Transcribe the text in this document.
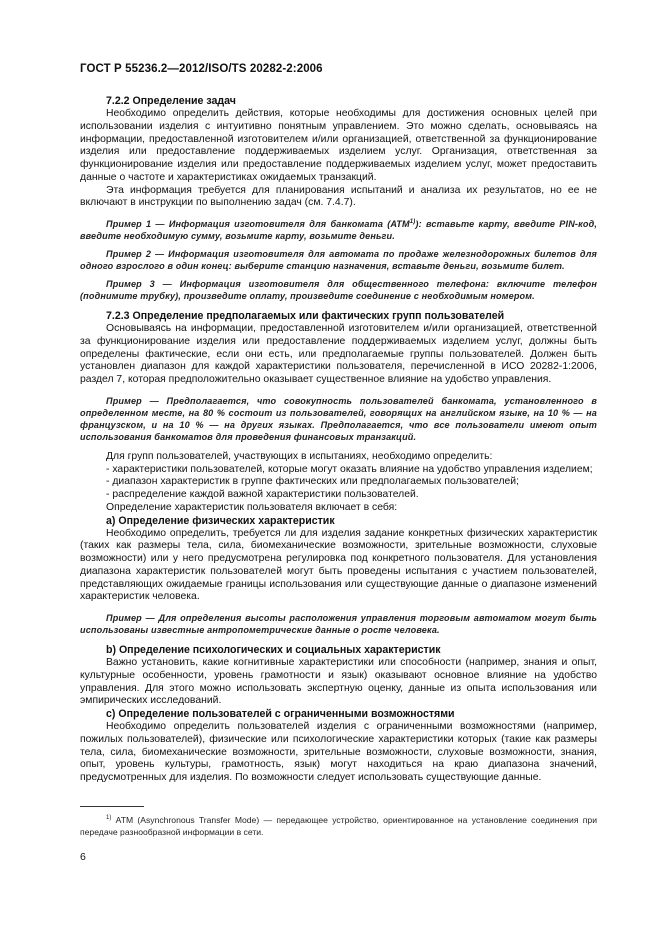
ГОСТ Р 55236.2—2012/ISO/TS 20282-2:2006

7.2.2 Определение задач

Необходимо определить действия, которые необходимы для достижения основных целей при использовании изделия с интуитивно понятным управлением. Это можно сделать, основываясь на информации, предоставленной изготовителем и/или организацией, ответственной за функционирование изделия или предоставление поддерживаемых изделием услуг. Организация, ответственная за функционирование изделия или предоставление поддерживаемых изделием услуг, может предоставить данные о частоте и характеристиках ожидаемых транзакций.

Эта информация требуется для планирования испытаний и анализа их результатов, но ее не включают в инструкции по выполнению задач (см. 7.4.7).

Пример 1 — Информация изготовителя для банкомата (АТМ$^{1)}$): вставьте карту, введите PIN-код, введите необходимую сумму, возьмите карту, возьмите деньги.

Пример 2 — Информация изготовителя для автомата по продаже железнодорожных билетов для одного взрослого в один конец: выберите станцию назначения, вставьте деньги, возьмите билет.

Пример 3 — Информация изготовителя для общественного телефона: включите телефон (поднимите трубку), произведите оплату, произведите соединение с необходимым номером.

7.2.3 Определение предполагаемых или фактических групп пользователей

Основываясь на информации, предоставленной изготовителем и/или организацией, ответственной за функционирование изделия или предоставление поддерживаемых изделием услуг, должны быть определены фактические, если они есть, или предполагаемые группы пользователей. Должен быть установлен диапазон для каждой характеристики пользователя, перечисленной в ИСО 20282-1:2006, раздел 7, которая предположительно оказывает существенное влияние на удобство управления.

Пример — Предполагается, что совокупность пользователей банкомата, установленного в определенном месте, на 80 % состоит из пользователей, говорящих на английском языке, на 10 % — на французском, и на 10 % — на других языках. Предполагается, что все пользователи имеют опыт использования банкоматов для проведения финансовых транзакций.

Для групп пользователей, участвующих в испытаниях, необходимо определить:

- характеристики пользователей, которые могут оказать влияние на удобство управления изделием;

- диапазон характеристик в группе фактических или предполагаемых пользователей;

- распределение каждой важной характеристики пользователей.

Определение характеристик пользователя включает в себя:

а) Определение физических характеристик

Необходимо определить, требуется ли для изделия задание конкретных физических характеристик (таких как размеры тела, сила, биомеханические возможности, зрительные возможности, слуховые возможности) или у него предусмотрена регулировка под конкретного пользователя. Для установления диапазона характеристик пользователей могут быть проведены испытания с участием пользователей, представляющих ожидаемые границы использования или существующие данные о диапазоне изменений характеристик человека.

Пример — Для определения высоты расположения управления торговым автоматом могут быть использованы известные антропометрические данные о росте человека.

b) Определение психологических и социальных характеристик

Важно установить, какие когнитивные характеристики или способности (например, знания и опыт, культурные особенности, уровень грамотности и язык) оказывают основное влияние на удобство управления. Для этого можно использовать экспертную оценку, данные из опыта использования или эмпирических исследований.

с) Определение пользователей с ограниченными возможностями

Необходимо определить пользователей изделия с ограниченными возможностями (например, пожилых пользователей), физические или психологические характеристики которых (такие как размеры тела, сила, биомеханические возможности, зрительные возможности, слуховые возможности, знания, опыт, уровень культуры, грамотность, язык) могут находиться на краю диапазона значений, предусмотренных для изделия. По возможности следует использовать существующие данные.

$^{1)}$ АТМ (Asynchronous Transfer Mode) — передающее устройство, ориентированное на установление соединения при передаче разнообразной информации в сети.
6
